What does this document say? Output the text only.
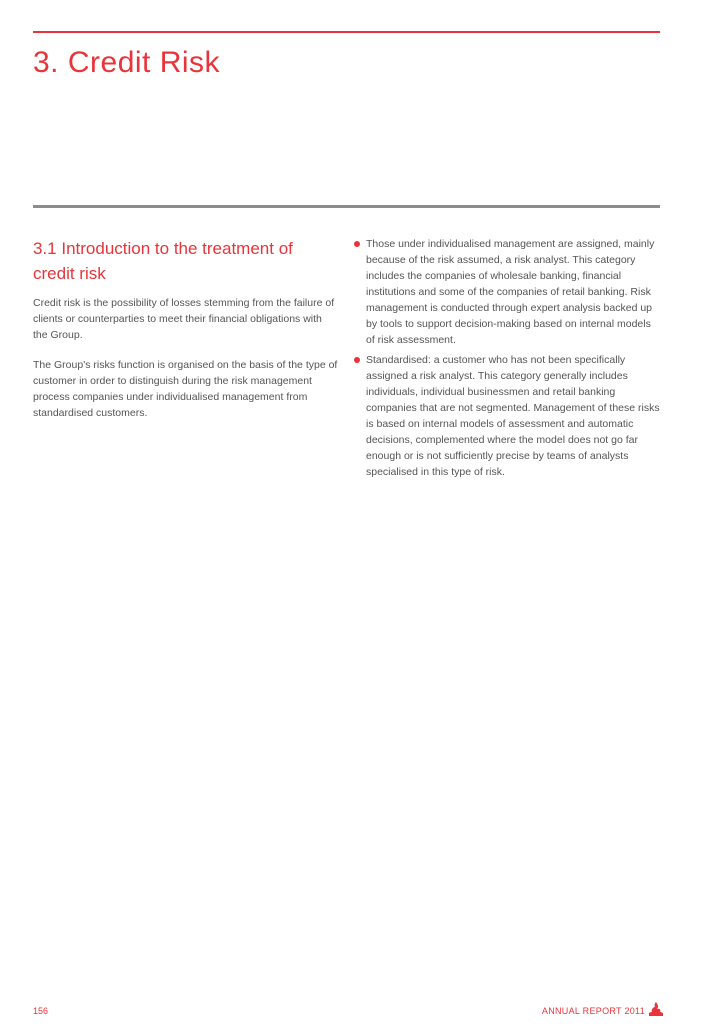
3. Credit Risk
3.1 Introduction to the treatment of credit risk

Credit risk is the possibility of losses stemming from the failure of clients or counterparties to meet their financial obligations with the Group.

The Group's risks function is organised on the basis of the type of customer in order to distinguish during the risk management process companies under individualised management from standardised customers.

Those under individualised management are assigned, mainly because of the risk assumed, a risk analyst. This category includes the companies of wholesale banking, financial institutions and some of the companies of retail banking. Risk management is conducted through expert analysis backed up by tools to support decision-making based on internal models of risk assessment.
Standardised: a customer who has not been specifically assigned a risk analyst. This category generally includes individuals, individual businessmen and retail banking companies that are not segmented. Management of these risks is based on internal models of assessment and automatic decisions, complemented where the model does not go far enough or is not sufficiently precise by teams of analysts specialised in this type of risk.
156	ANNUAL REPORT 2011
